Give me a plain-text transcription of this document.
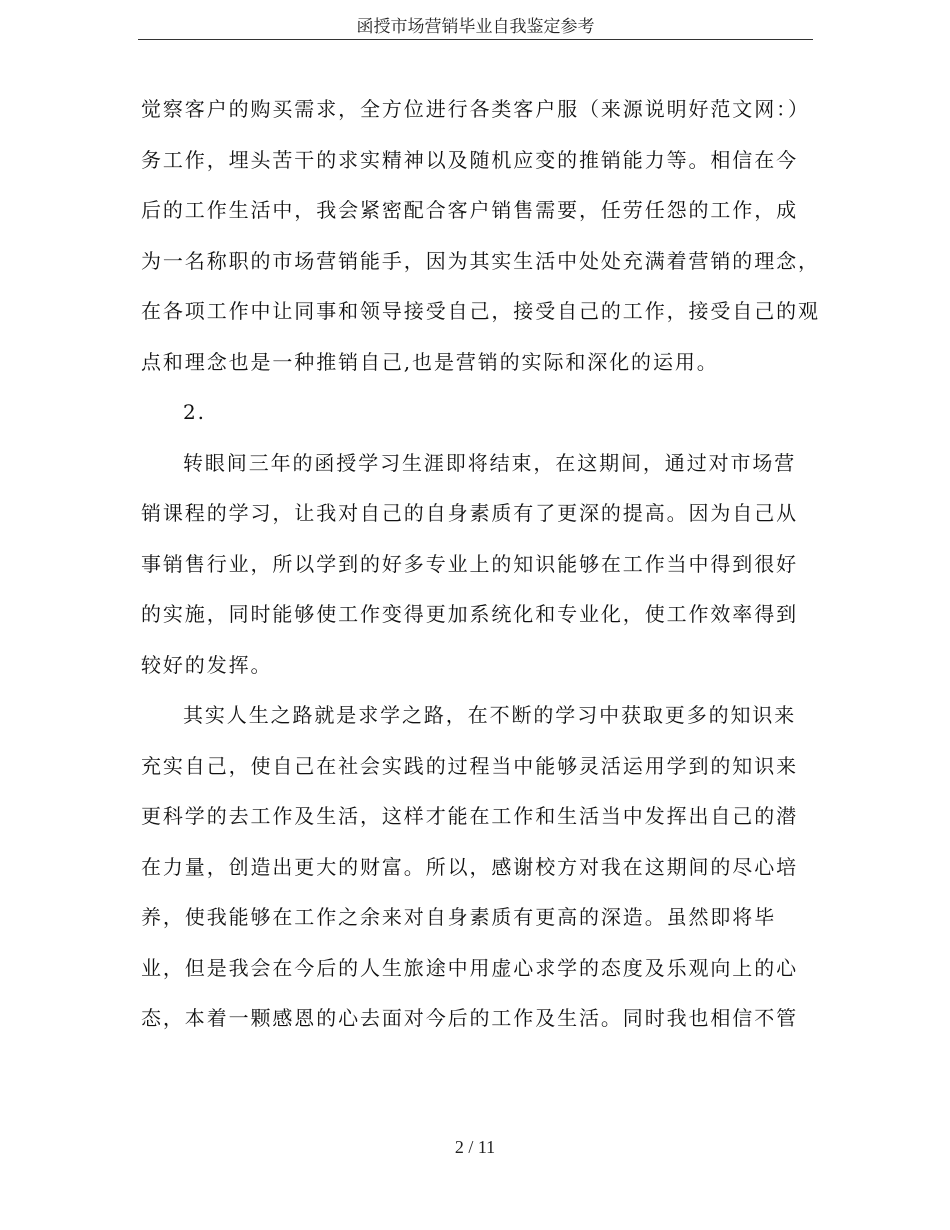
函授市场营销毕业自我鉴定参考
觉察客户的购买需求，全方位进行各类客户服（来源说明好范文网：）
务工作，埋头苦干的求实精神以及随机应变的推销能力等。相信在今
后的工作生活中，我会紧密配合客户销售需要，任劳任怨的工作，成
为一名称职的市场营销能手，因为其实生活中处处充满着营销的理念，
在各项工作中让同事和领导接受自己，接受自己的工作，接受自己的观
点和理念也是一种推销自己,也是营销的实际和深化的运用。
2.
转眼间三年的函授学习生涯即将结束，在这期间，通过对市场营
销课程的学习，让我对自己的自身素质有了更深的提高。因为自己从
事销售行业，所以学到的好多专业上的知识能够在工作当中得到很好
的实施，同时能够使工作变得更加系统化和专业化，使工作效率得到
较好的发挥。
其实人生之路就是求学之路，在不断的学习中获取更多的知识来
充实自己，使自己在社会实践的过程当中能够灵活运用学到的知识来
更科学的去工作及生活，这样才能在工作和生活当中发挥出自己的潜
在力量，创造出更大的财富。所以，感谢校方对我在这期间的尽心培
养，使我能够在工作之余来对自身素质有更高的深造。虽然即将毕
业，但是我会在今后的人生旅途中用虚心求学的态度及乐观向上的心
态，本着一颗感恩的心去面对今后的工作及生活。同时我也相信不管
2 / 11
